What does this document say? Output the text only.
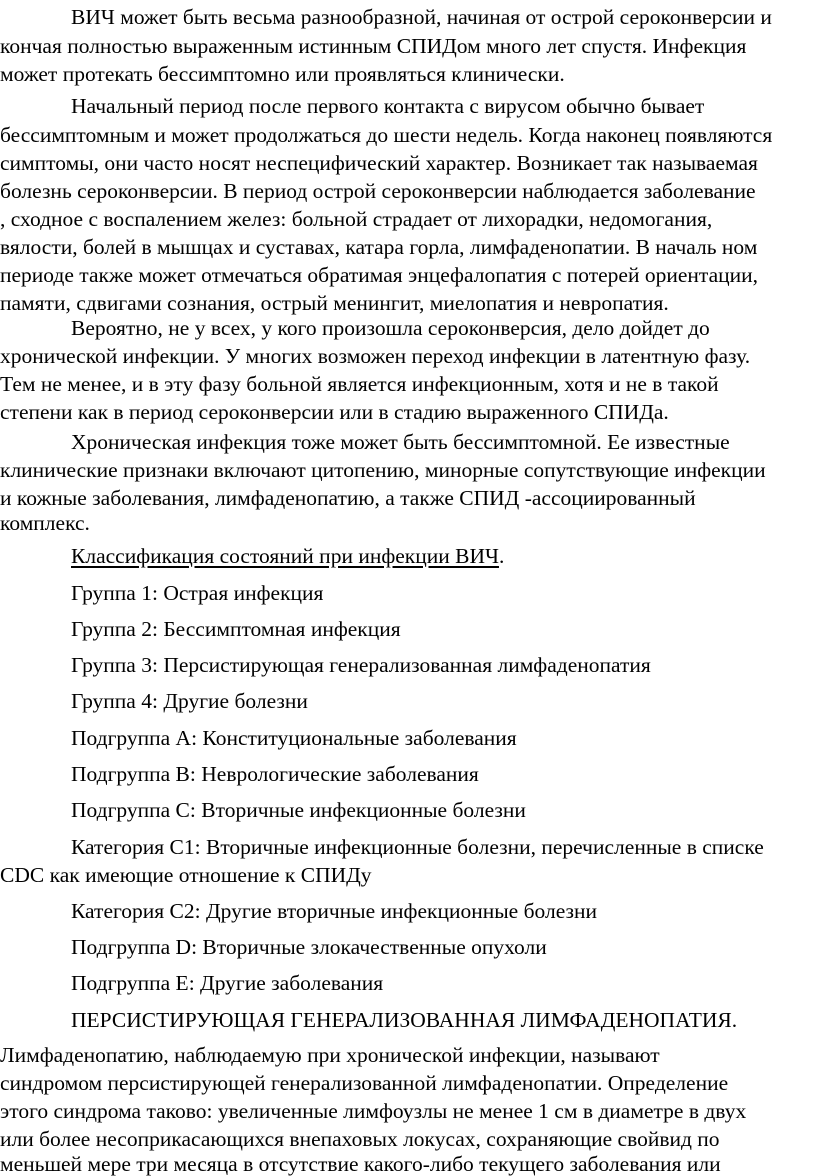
ВИЧ может быть весьма разнообразной, начиная от острой сероконверсии и
кончая полностью выраженным истинным СПИДом много лет спустя. Инфекция
может протекать бессимптомно или проявляться клинически.
Начальный период после первого контакта с вирусом обычно бывает
бессимптомным и может продолжаться до шести недель. Когда наконец появляются
симптомы, они часто носят неспецифический характер. Возникает так называемая
болезнь сероконверсии. В период острой сероконверсии наблюдается заболевание
, сходное с воспалением желез: больной страдает от лихорадки, недомогания,
вялости, болей в мышцах и суставах, катара горла, лимфаденопатии. В началь ном
периоде также может отмечаться обратимая энцефалопатия с потерей ориентации,
памяти, сдвигами сознания, острый менингит, миелопатия и невропатия.
Вероятно, не у всех, у кого произошла сероконверсия, дело дойдет до
хронической инфекции. У многих возможен переход инфекции в латентную фазу.
Тем не менее, и в эту фазу больной является инфекционным, хотя и не в такой
степени как в период сероконверсии или в стадию выраженного СПИДа.
Хроническая инфекция тоже может быть бессимптомной. Ее известные
клинические признаки включают цитопению, минорные сопутствующие инфекции
и кожные заболевания, лимфаденопатию, а также СПИД -ассоциированный
комплекс.
Классификация состояний при инфекции ВИЧ.
Группа 1: Острая инфекция
Группа 2: Бессимптомная инфекция
Группа 3: Персистирующая генерализованная лимфаденопатия
Группа 4: Другие болезни
Подгруппа А: Конституциональные заболевания
Подгруппа В: Неврологические заболевания
Подгруппа С: Вторичные инфекционные болезни
Категория С1: Вторичные инфекционные болезни, перечисленные в списке
CDC как имеющие отношение к СПИДу
Категория С2: Другие вторичные инфекционные болезни
Подгруппа D: Вторичные злокачественные опухоли
Подгруппа Е: Другие заболевания
ПЕРСИСТИРУЮЩАЯ ГЕНЕРАЛИЗОВАННАЯ ЛИМФАДЕНОПАТИЯ.
Лимфаденопатию, наблюдаемую при хронической инфекции, называют
синдромом персистирующей генерализованной лимфаденопатии. Определение
этого синдрома таково: увеличенные лимфоузлы не менее 1 см в диаметре в двух
или более несоприкасающихся внепаховых локусах, сохраняющие свойвид по
меньшей мере три месяца в отсутствие какого-либо текущего заболевания или
